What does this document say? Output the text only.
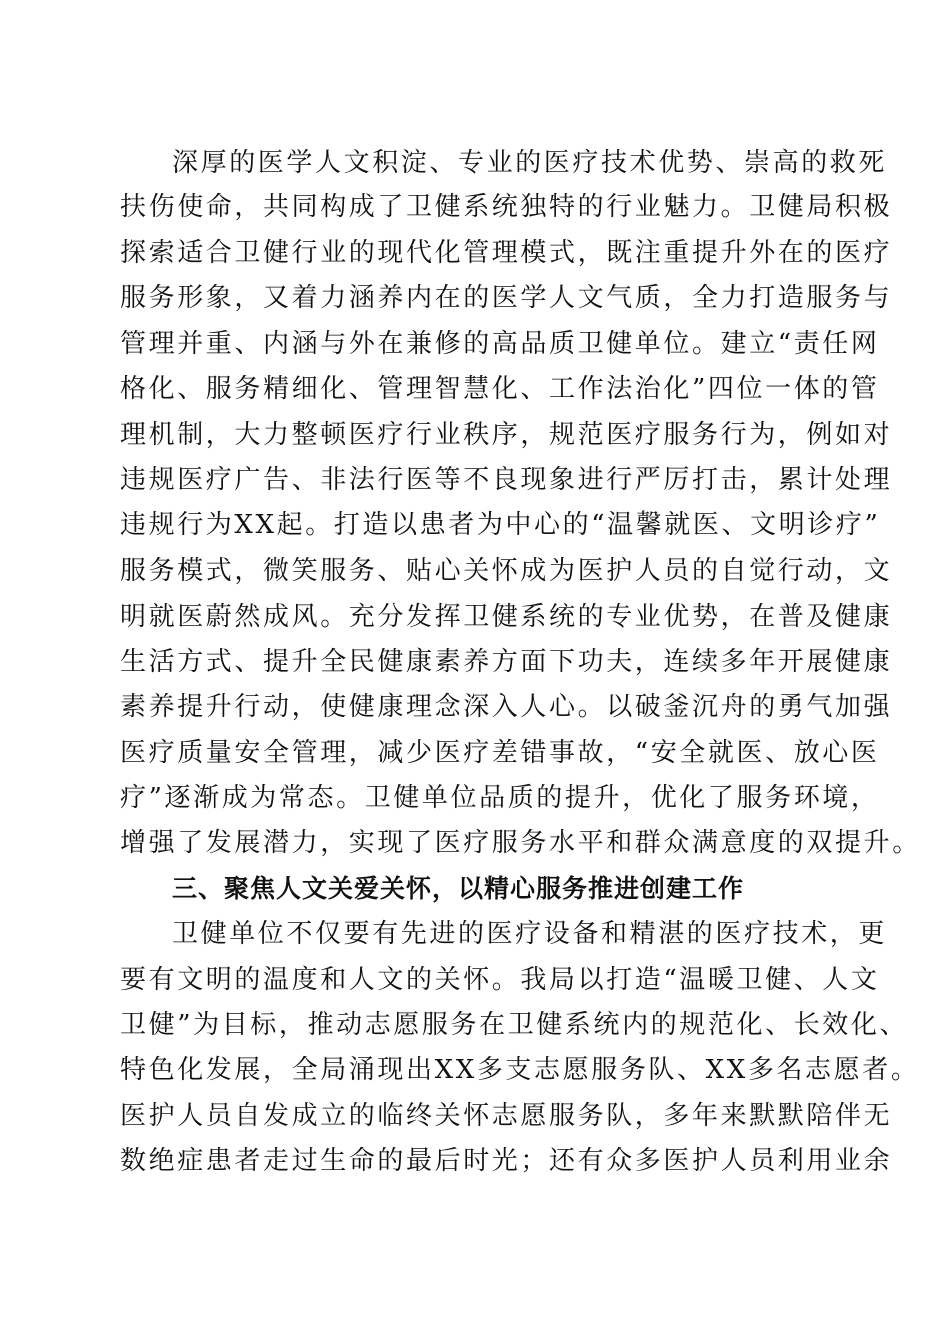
深厚的医学人文积淀、专业的医疗技术优势、崇高的救死
扶伤使命，共同构成了卫健系统独特的行业魅力。卫健局积极
探索适合卫健行业的现代化管理模式，既注重提升外在的医疗
服务形象，又着力涵养内在的医学人文气质，全力打造服务与
管理并重、内涵与外在兼修的高品质卫健单位。建立“责任网
格化、服务精细化、管理智慧化、工作法治化”四位一体的管
理机制，大力整顿医疗行业秩序，规范医疗服务行为，例如对
违规医疗广告、非法行医等不良现象进行严厉打击，累计处理
违规行为XX起。打造以患者为中心的“温馨就医、文明诊疗”
服务模式，微笑服务、贴心关怀成为医护人员的自觉行动，文
明就医蔚然成风。充分发挥卫健系统的专业优势，在普及健康
生活方式、提升全民健康素养方面下功夫，连续多年开展健康
素养提升行动，使健康理念深入人心。以破釜沉舟的勇气加强
医疗质量安全管理，减少医疗差错事故，“安全就医、放心医
疗”逐渐成为常态。卫健单位品质的提升，优化了服务环境，
增强了发展潜力，实现了医疗服务水平和群众满意度的双提升。
三、聚焦人文关爱关怀，以精心服务推进创建工作
卫健单位不仅要有先进的医疗设备和精湛的医疗技术，更
要有文明的温度和人文的关怀。我局以打造“温暖卫健、人文
卫健”为目标，推动志愿服务在卫健系统内的规范化、长效化、
特色化发展，全局涌现出XX多支志愿服务队、XX多名志愿者。
医护人员自发成立的临终关怀志愿服务队，多年来默默陪伴无
数绝症患者走过生命的最后时光；还有众多医护人员利用业余
